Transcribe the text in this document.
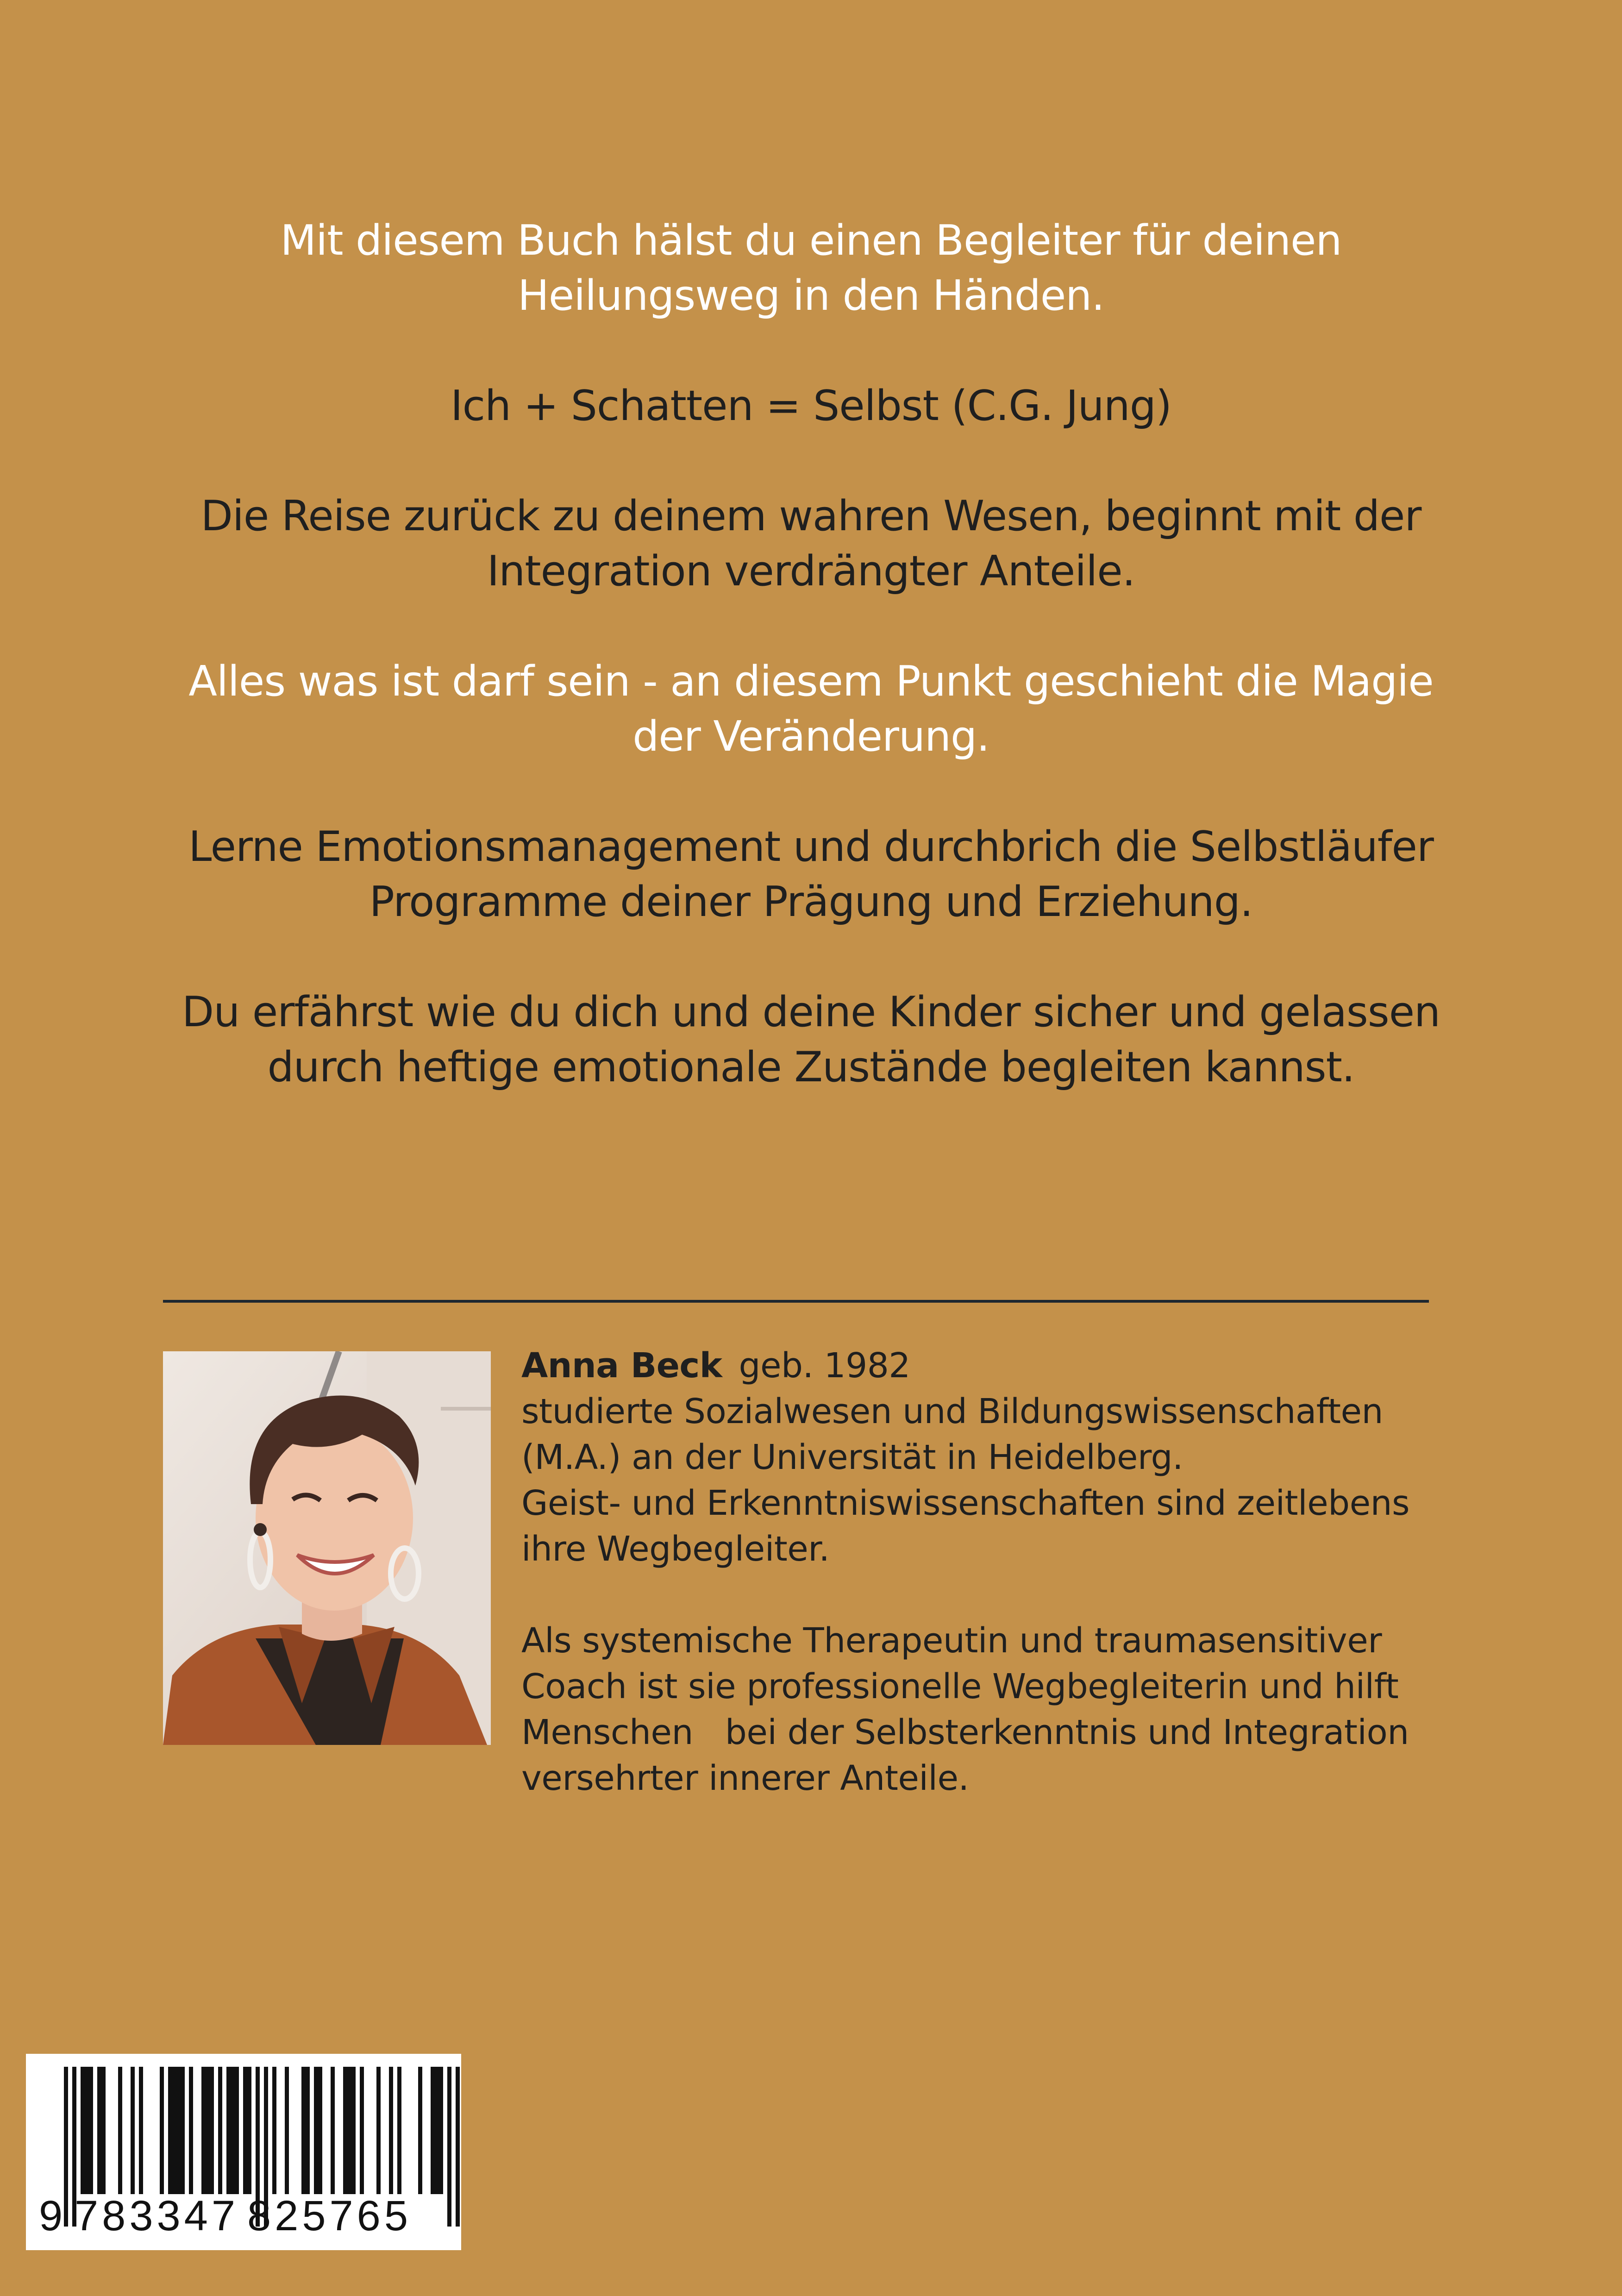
Mit diesem Buch hälst du einen Begleiter für deinen
Heilungsweg in den Händen.
Ich + Schatten = Selbst (C.G. Jung)
Die Reise zurück zu deinem wahren Wesen, beginnt mit der
Integration verdrängter Anteile.
Alles was ist darf sein - an diesem Punkt geschieht die Magie
der Veränderung.
Lerne Emotionsmanagement und durchbrich die Selbstläufer
Programme deiner Prägung und Erziehung.
Du erfährst wie du dich und deine Kinder sicher und gelassen
durch heftige emotionale Zustände begleiten kannst.
Anna Beck geb. 1982
studierte Sozialwesen und Bildungswissenschaften
(M.A.) an der Universität in Heidelberg.
Geist- und Erkenntniswissenschaften sind zeitlebens
ihre Wegbegleiter.
Als systemische Therapeutin und traumasensitiver
Coach ist sie professionelle Wegbegleiterin und hilft
Menschen   bei der Selbsterkenntnis und Integration
versehrter innerer Anteile.
9 783347 825765
